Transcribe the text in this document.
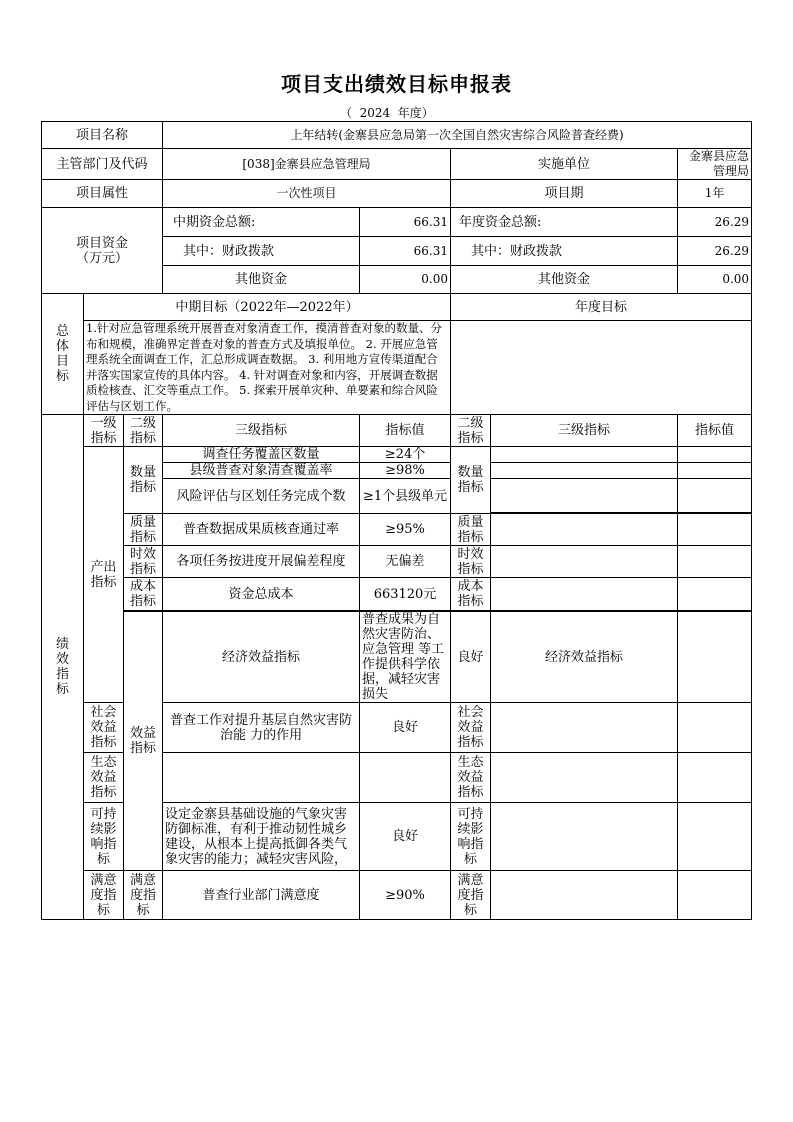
项目支出绩效目标申报表
（  2024  年度）
项目名称			上年结转(金寨县应急局第一次全国自然灾害综合风险普查经费)					
主管部门及代码			[038]金寨县应急管理局		实施单位		金寨县应急管理局	
项目属性			一次性项目		项目期		1年	

项目资金
（万元）			中期资金总额:	66.31	年度资金总额:		26.29	
			其中：财政拨款	66.31	其中：财政拨款		26.29	
			其他资金	0.00	其他资金		0.00	

总
体
目
标	中期目标（2022年—2022年）				年度目标			
	1.针对应急管理系统开展普查对象清查工作，摸清普查对象的数量、分布和规模，准确界定普查对象的普查方式及填报单位。 2. 开展应急管理系统全面调查工作，汇总形成调查数据。 3. 利用地方宣传渠道配合并落实国家宣传的具体内容。 4. 针对调查对象和内容，开展调查数据质检核查、汇交等重点工作。 5. 探索开展单灾种、单要素和综合风险评估与区划工作。							

绩
效
指
标	一级指标	二级指标	三级指标	指标值	二级指标	三级指标	指标值	
	产出指标	数量指标	调查任务覆盖区数量	≥24个	数量指标			
			县级普查对象清查覆盖率	≥98%				
			风险评估与区划任务完成个数	≥1个县级单元				

		质量指标	普查数据成果质核查通过率	≥95%	质量指标			
		时效指标	各项任务按进度开展偏差程度	无偏差	时效指标			
		成本指标	资金总成本	663120元	成本指标			

		效益指标	经济效益指标	普查成果为自然灾害防治、应急管理 等工作提供科学依据，减轻灾害损失	良好	经济效益指标		
	社会效益指标		普查工作对提升基层自然灾害防治能 力的作用	良好	社会效益指标			
	生态效益指标				生态效益指标			
	可持续影响指标		设定金寨县基础设施的气象灾害防御标准，有利于推动韧性城乡建设，从根本上提高抵御各类气象灾害的能力；减轻灾害风险，	良好	可持续影响指标			
	满意度指标	满意度指标	普查行业部门满意度	≥90%	满意度指标			
